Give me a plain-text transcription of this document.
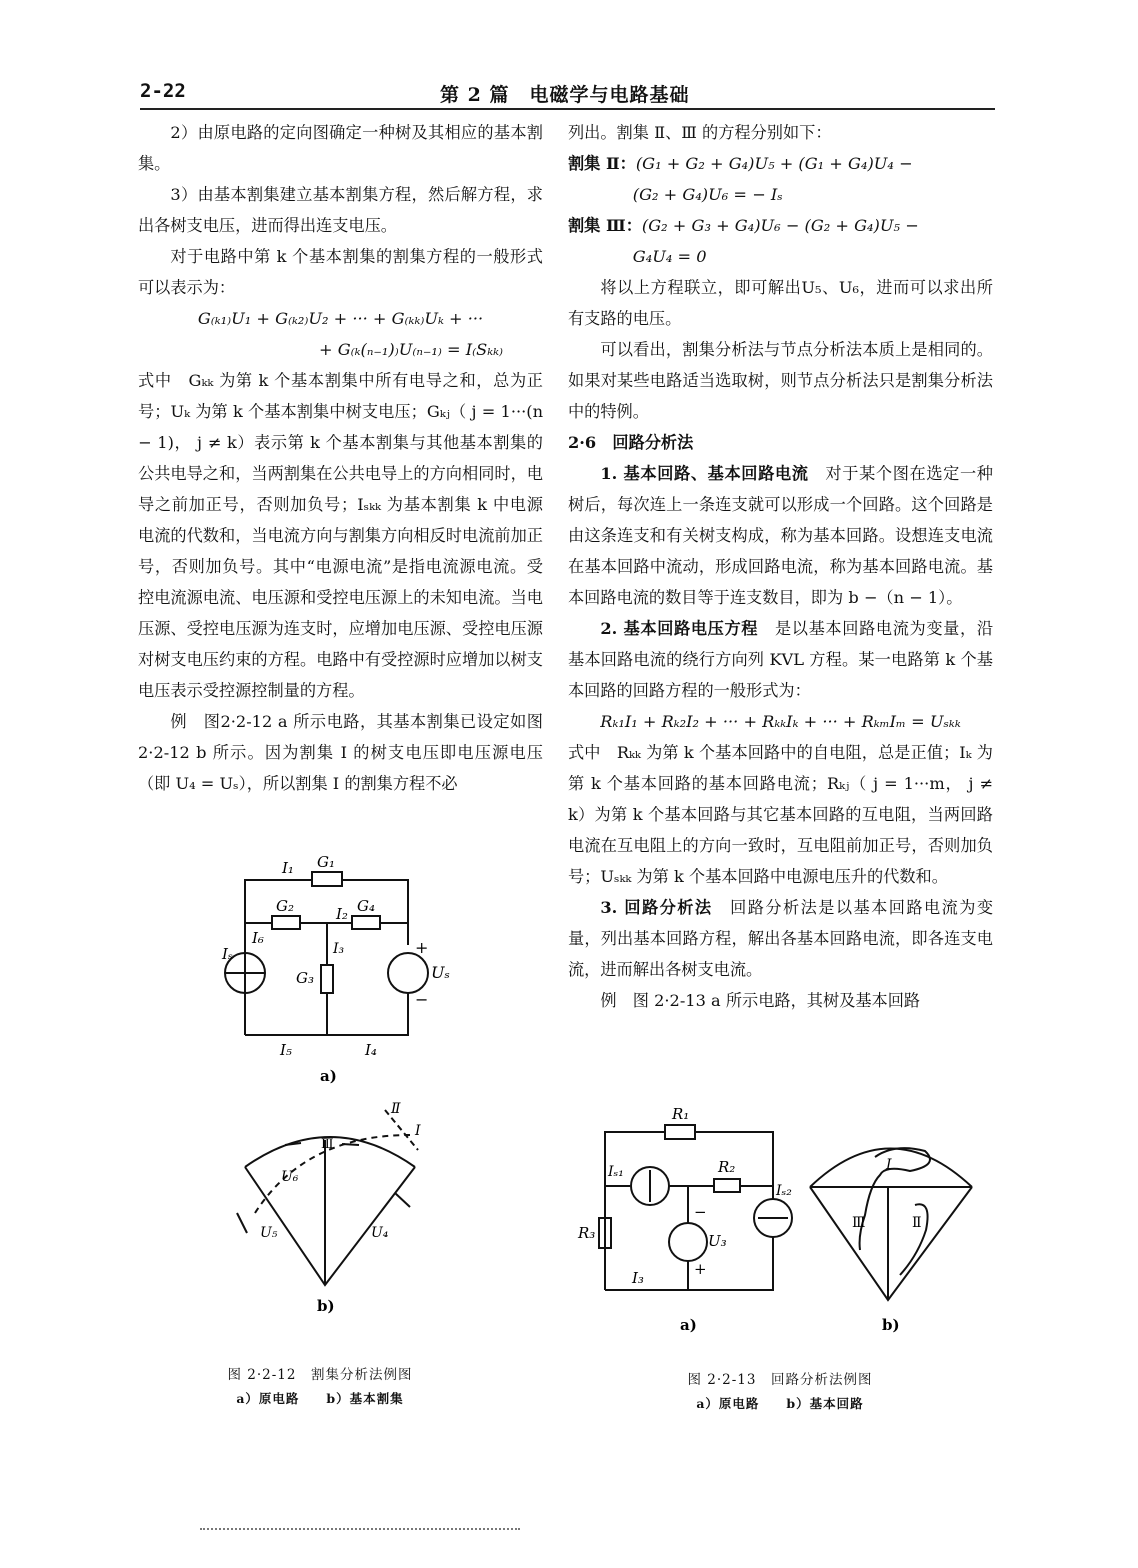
2-22	第 2 篇　电磁学与电路基础

2）由原电路的定向图确定一种树及其相应的基本割集。

3）由基本割集建立基本割集方程，然后解方程，求出各树支电压，进而得出连支电压。

对于电路中第 k 个基本割集的割集方程的一般形式可以表示为：

G₍ₖ₁₎U₁ + G₍ₖ₂₎U₂ + ··· + G₍ₖₖ₎Uₖ + ···

+ G₍ₖ(ₙ₋₁)₎U₍ₙ₋₁₎ = I₍Sₖₖ₎

式中　Gₖₖ 为第 k 个基本割集中所有电导之和，总为正号；Uₖ 为第 k 个基本割集中树支电压；Gₖⱼ（ j = 1···(n − 1)， j ≠ k）表示第 k 个基本割集与其他基本割集的公共电导之和，当两割集在公共电导上的方向相同时，电导之前加正号，否则加负号；Iₛₖₖ 为基本割集 k 中电源电流的代数和，当电流方向与割集方向相反时电流前加正号，否则加负号。其中“电源电流”是指电流源电流。受控电流源电流、电压源和受控电压源上的未知电流。当电压源、受控电压源为连支时，应增加电压源、受控电压源对树支电压约束的方程。电路中有受控源时应增加以树支电压表示受控源控制量的方程。

例　图2·2-12 a 所示电路，其基本割集已设定如图2·2-12 b 所示。因为割集 I 的树支电压即电压源电压（即 U₄ = Uₛ），所以割集 I 的割集方程不必

列出。割集 Ⅱ、Ⅲ 的方程分别如下：

割集 Ⅱ：(G₁ + G₂ + G₄)U₅ + (G₁ + G₄)U₄ −

(G₂ + G₄)U₆ = − Iₛ

割集 Ⅲ：(G₂ + G₃ + G₄)U₆ − (G₂ + G₄)U₅ −

G₄U₄ = 0

将以上方程联立，即可解出U₅、U₆，进而可以求出所有支路的电压。

可以看出，割集分析法与节点分析法本质上是相同的。如果对某些电路适当选取树，则节点分析法只是割集分析法中的特例。

2·6　回路分析法

1. 基本回路、基本回路电流　 对于某个图在选定一种树后，每次连上一条连支就可以形成一个回路。这个回路是由这条连支和有关树支构成，称为基本回路。设想连支电流在基本回路中流动，形成回路电流，称为基本回路电流。基本回路电流的数目等于连支数目，即为 b −（n − 1）。

2. 基本回路电压方程　 是以基本回路电流为变量，沿基本回路电流的绕行方向列 KVL 方程。某一电路第 k 个基本回路的回路方程的一般形式为：

Rₖ₁I₁ + Rₖ₂I₂ + ··· + RₖₖIₖ + ··· + RₖₘIₘ = Uₛₖₖ

式中　Rₖₖ 为第 k 个基本回路中的自电阻，总是正值；Iₖ 为第 k 个基本回路的基本回路电流；Rₖⱼ（ j = 1···m， j ≠ k）为第 k 个基本回路与其它基本回路的互电阻，当两回路电流在互电阻上的方向一致时，互电阻前加正号，否则加负号；Uₛₖₖ 为第 k 个基本回路中电源电压升的代数和。

3. 回路分析法　 回路分析法是以基本回路电流为变量，列出基本回路方程，解出各基本回路电流，即各连支电流，进而解出各树支电流。

例　图 2·2-13 a 所示电路，其树及基本回路

I₁ G₁
G₂	I₂ G₄
I₆
Iₛ	I₃
G₃	Uₛ
+
−
I₅	I₄
a)
Ⅱ
I
Ⅲ
U₆
U₅	U₄
b)
图 2·2-12　割集分析法例图
a）原电路　　b）基本割集
R₁
Iₛ₁	R₂
Iₛ₂
R₃	U₃
−
+
I₃
a)
I
Ⅱ
Ⅲ
b)
图 2·2-13　回路分析法例图
a）原电路　　b）基本回路
